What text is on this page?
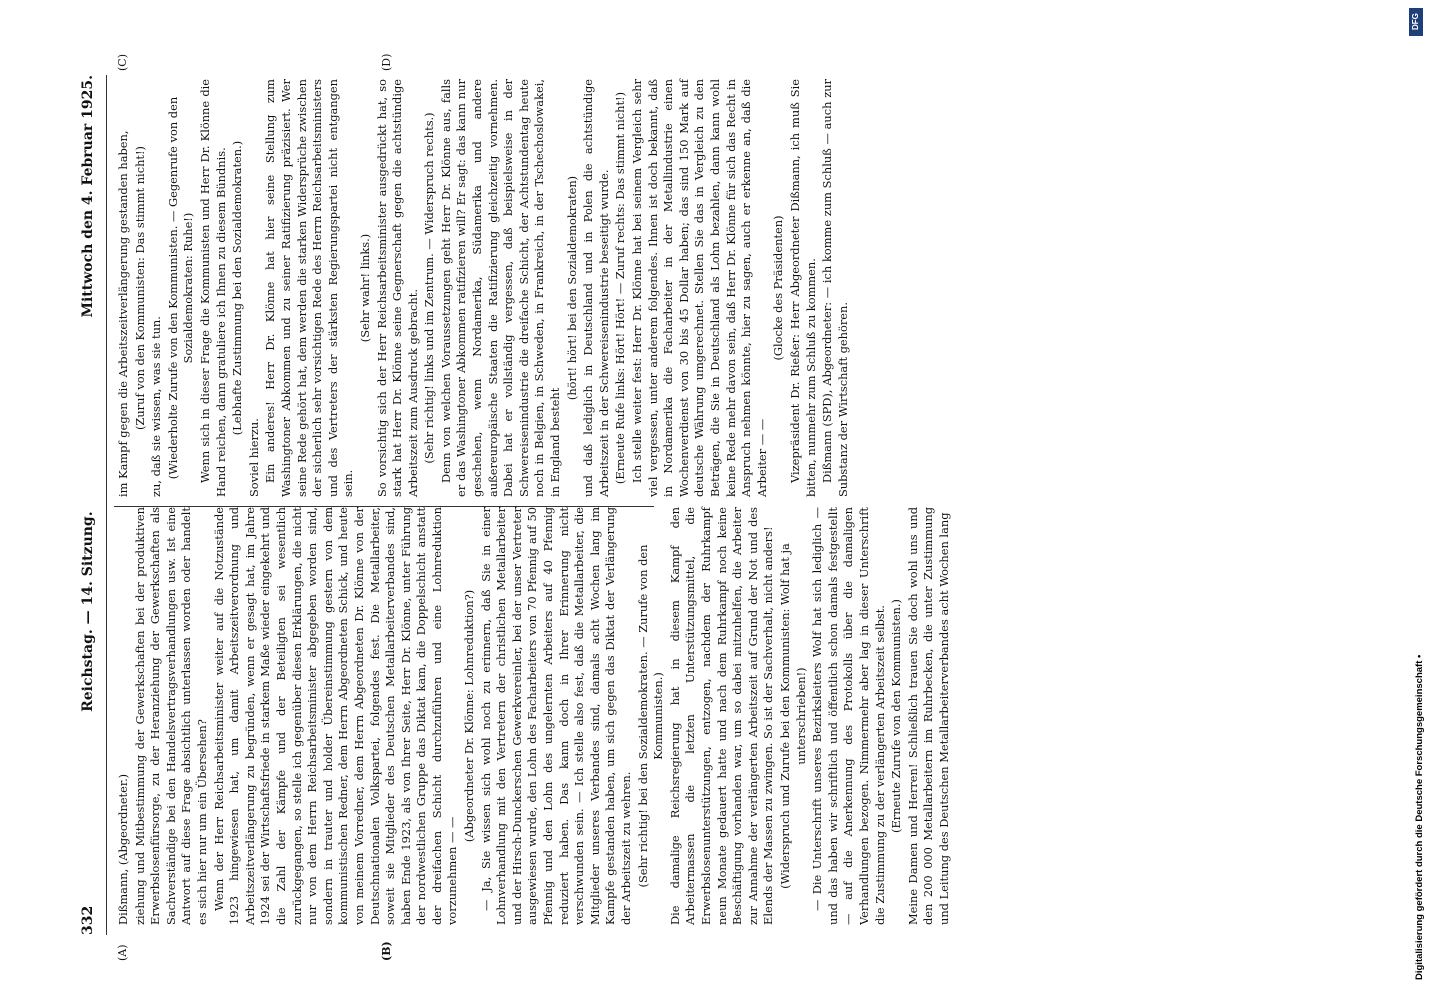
332
Reichstag. — 14. Sitzung.
Mittwoch den 4. Februar 1925.
(A)	(B)
(C)	(D)

Dißmann, (Abgeordneter.) ziehung und Mitbestimmung der Gewerkschaften bei der produktiven Erwerbslosenfürsorge, zu der Heranziehung der Gewerkschaften als Sachverständige bei den Handelsvertragsverhandlungen usw. Ist eine Antwort auf diese Frage absichtlich unterlassen worden oder handelt es sich hier nur um ein Übersehen? Wenn der Herr Reichsarbeitsminister weiter auf die Notzustände 1923 hingewiesen hat, um damit Arbeitszeitverordnung und Arbeitszeitverlängerung zu begründen, wenn er gesagt hat, im Jahre 1924 sei der Wirtschaftsfriede in starkem Maße wieder eingekehrt und die Zahl der Kämpfe und der Beteiligten sei wesentlich zurückgegangen, so stelle ich gegenüber diesen Erklärungen, die nicht nur von dem Herrn Reichsarbeitsminister abgegeben worden sind, sondern in trauter und holder Übereinstimmung gestern von dem kommunistischen Redner, dem Herrn Abgeordneten Schick, und heute von meinem Vorredner, dem Herrn Abgeordneten Dr. Klönne von der Deutschnationalen Volkspartei, folgendes fest. Die Metallarbeiter, soweit sie Mitglieder des Deutschen Metallarbeiterverbandes sind, haben Ende 1923, als von Ihrer Seite, Herr Dr. Klönne, unter Führung der nordwestlichen Gruppe das Diktat kam, die Doppelschicht anstatt der dreifachen Schicht durchzuführen und eine Lohnreduktion vorzunehmen — —

(Abgeordneter Dr. Klönne: Lohnreduktion?) — Ja, Sie wissen sich wohl noch zu erinnern, daß Sie in einer Lohnverhandlung mit den Vertretern der christlichen Metallarbeiter und der Hirsch-Dunckerschen Gewerkvereinler, bei der unser Vertreter ausgewiesen wurde, den Lohn des Facharbeiters von 70 Pfennig auf 50 Pfennig und den Lohn des ungelernten Arbeiters auf 40 Pfennig reduziert haben. Das kann doch in Ihrer Erinnerung nicht verschwunden sein. — Ich stelle also fest, daß die Metallarbeiter, die Mitglieder unseres Verbandes sind, damals acht Wochen lang im Kampfe gestanden haben, um sich gegen das Diktat der Verlängerung der Arbeitszeit zu wehren. (Sehr richtig! bei den Sozialdemokraten. — Zurufe von den Kommunisten.) Die damalige Reichsregierung hat in diesem Kampf den Arbeitermassen die letzten Unterstützungsmittel, die Erwerbslosenunterstützungen, entzogen, nachdem der Ruhrkampf neun Monate gedauert hatte und nach dem Ruhrkampf noch keine Beschäftigung vorhanden war, um so dabei mitzuhelfen, die Arbeiter zur Annahme der verlängerten Arbeitszeit auf Grund der Not und des Elends der Massen zu zwingen. So ist der Sachverhalt, nicht anders! (Widerspruch und Zurufe bei den Kommunisten: Wolf hat ja unterschrieben!) — Die Unterschrift unseres Bezirksleiters Wolf hat sich lediglich — und das haben wir schriftlich und öffentlich schon damals festgestellt — auf die Anerkennung des Protokolls über die damaligen Verhandlungen bezogen. Nimmermehr aber lag in dieser Unterschrift die Zustimmung zu der verlängerten Arbeitszeit selbst. (Erneute Zurufe von den Kommunisten.) Meine Damen und Herren! Schließlich trauen Sie doch wohl uns und den 200 000 Metallarbeitern im Ruhrbecken, die unter Zustimmung und Leitung des Deutschen Metallarbeiterverbandes acht Wochen lang

im Kampf gegen die Arbeitszeitverlängerung gestanden haben, (Zuruf von den Kommunisten: Das stimmt nicht!) zu, daß sie wissen, was sie tun. (Wiederholte Zurufe von den Kommunisten. — Gegenrufe von den Sozialdemokraten: Ruhe!) Wenn sich in dieser Frage die Kommunisten und Herr Dr. Klönne die Hand reichen, dann gratuliere ich Ihnen zu diesem Bündnis. (Lebhafte Zustimmung bei den Sozialdemokraten.)

Soviel hierzu. Ein anderes! Herr Dr. Klönne hat hier seine Stellung zum Washingtoner Abkommen und zu seiner Ratifizierung präzisiert. Wer seine Rede gehört hat, dem werden die starken Widersprüche zwischen der sicherlich sehr vorsichtigen Rede des Herrn Reichsarbeitsministers und des Vertreters der stärksten Regierungspartei nicht entgangen sein.

(Sehr wahr! links.) So vorsichtig sich der Herr Reichsarbeitsminister ausgedrückt hat, so stark hat Herr Dr. Klönne seine Gegnerschaft gegen die achtstündige Arbeitszeit zum Ausdruck gebracht. (Sehr richtig! links und im Zentrum. — Widerspruch rechts.) Denn von welchen Voraussetzungen geht Herr Dr. Klönne aus, falls er das Washingtoner Abkommen ratifizieren will? Er sagt: das kann nur geschehen, wenn Nordamerika, Südamerika und andere außereuropäische Staaten die Ratifizierung gleichzeitig vornehmen. Dabei hat er vollständig vergessen, daß beispielsweise in der Schwereisenindustrie die dreifache Schicht, der Achtstundentag heute noch in Belgien, in Schweden, in Frankreich, in der Tschechoslowakei, in England besteht

(hört! hört! bei den Sozialdemokraten) und daß lediglich in Deutschland und in Polen die achtstündige Arbeitszeit in der Schwereisenindustrie beseitigt wurde. (Erneute Rufe links: Hört! Hört! — Zuruf rechts: Das stimmt nicht!) Ich stelle weiter fest: Herr Dr. Klönne hat bei seinem Vergleich sehr viel vergessen, unter anderem folgendes. Ihnen ist doch bekannt, daß in Nordamerika die Facharbeiter in der Metallindustrie einen Wochenverdienst von 30 bis 45 Dollar haben; das sind 150 Mark auf deutsche Währung umgerechnet. Stellen Sie das in Vergleich zu den Beträgen, die Sie in Deutschland als Lohn bezahlen, dann kann wohl keine Rede mehr davon sein, daß Herr Dr. Klönne für sich das Recht in Anspruch nehmen könnte, hier zu sagen, auch er erkenne an, daß die Arbeiter — —

(Glocke des Präsidenten) Vizepräsident Dr. Rießer: Herr Abgeordneter Dißmann, ich muß Sie bitten, nunmehr zum Schluß zu kommen. Dißmann (SPD), Abgeordneter: — ich komme zum Schluß — auch zur Substanz der Wirtschaft gehören.

Digitalisierung gefördert durch die Deutsche Forschungsgemeinschaft •
DFG
